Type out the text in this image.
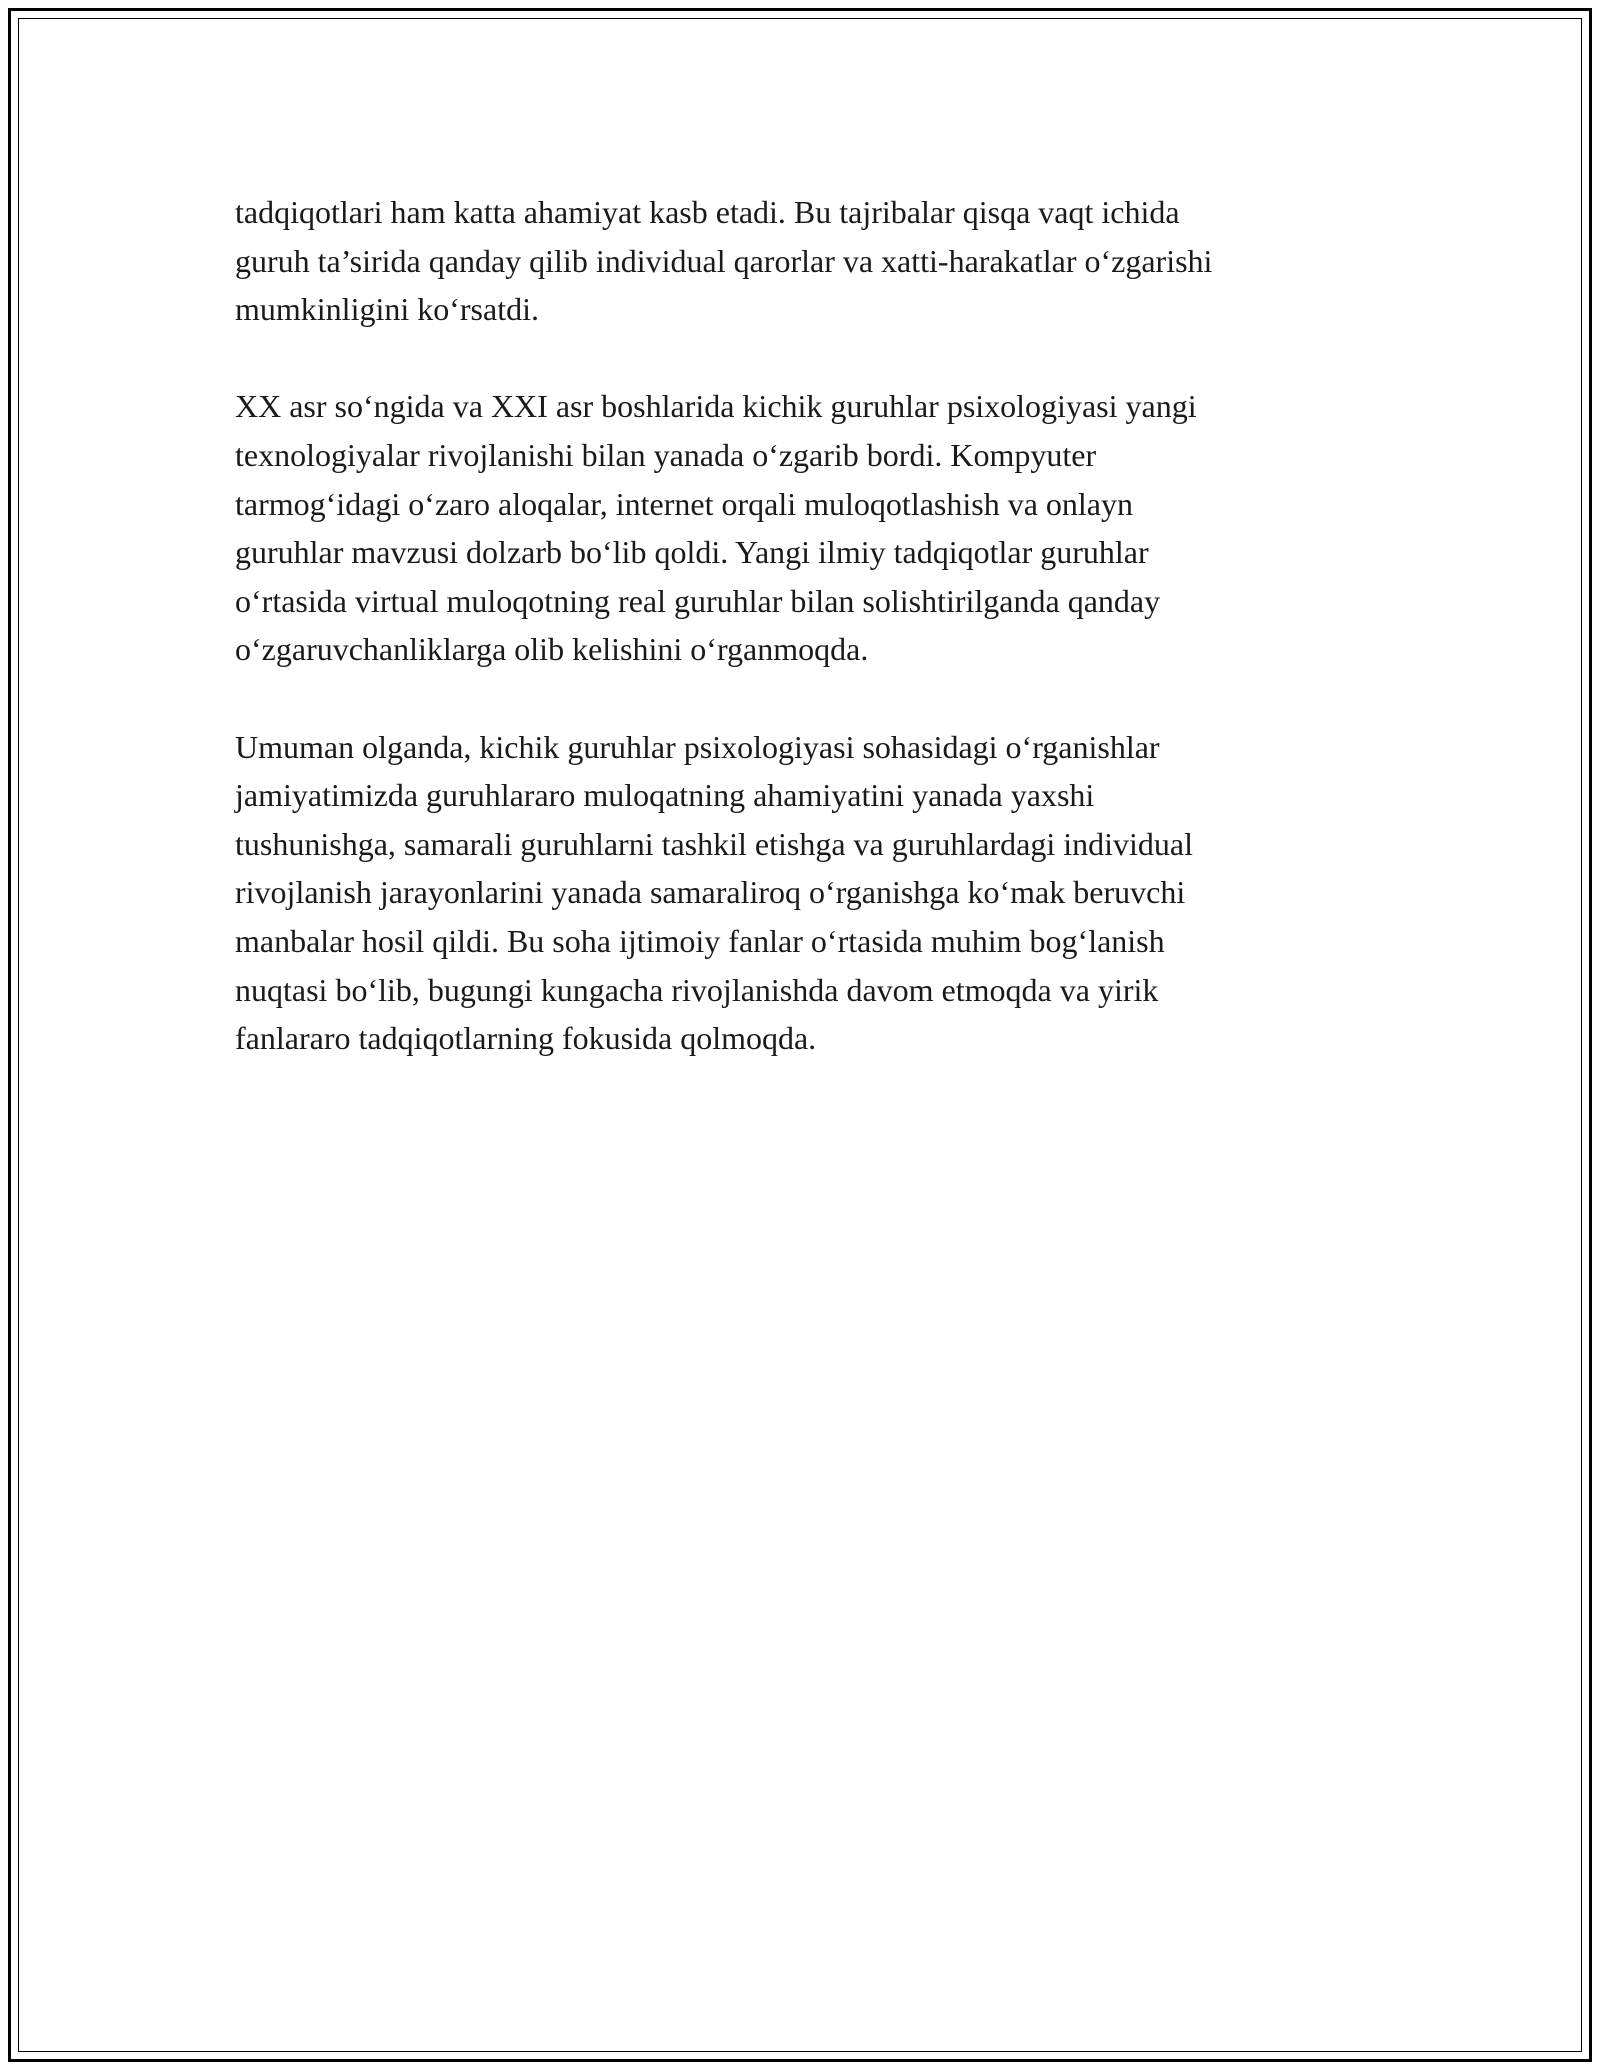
tadqiqotlari ham katta ahamiyat kasb etadi. Bu tajribalar qisqa vaqt ichida
guruh ta’sirida qanday qilib individual qarorlar va xatti-harakatlar o‘zgarishi
mumkinligini ko‘rsatdi.

XX asr so‘ngida va XXI asr boshlarida kichik guruhlar psixologiyasi yangi
texnologiyalar rivojlanishi bilan yanada o‘zgarib bordi. Kompyuter
tarmog‘idagi o‘zaro aloqalar, internet orqali muloqotlashish va onlayn
guruhlar mavzusi dolzarb bo‘lib qoldi. Yangi ilmiy tadqiqotlar guruhlar
o‘rtasida virtual muloqotning real guruhlar bilan solishtirilganda qanday
o‘zgaruvchanliklarga olib kelishini o‘rganmoqda.

Umuman olganda, kichik guruhlar psixologiyasi sohasidagi o‘rganishlar
jamiyatimizda guruhlararo muloqatning ahamiyatini yanada yaxshi
tushunishga, samarali guruhlarni tashkil etishga va guruhlardagi individual
rivojlanish jarayonlarini yanada samaraliroq o‘rganishga ko‘mak beruvchi
manbalar hosil qildi. Bu soha ijtimoiy fanlar o‘rtasida muhim bog‘lanish
nuqtasi bo‘lib, bugungi kungacha rivojlanishda davom etmoqda va yirik
fanlararo tadqiqotlarning fokusida qolmoqda.
